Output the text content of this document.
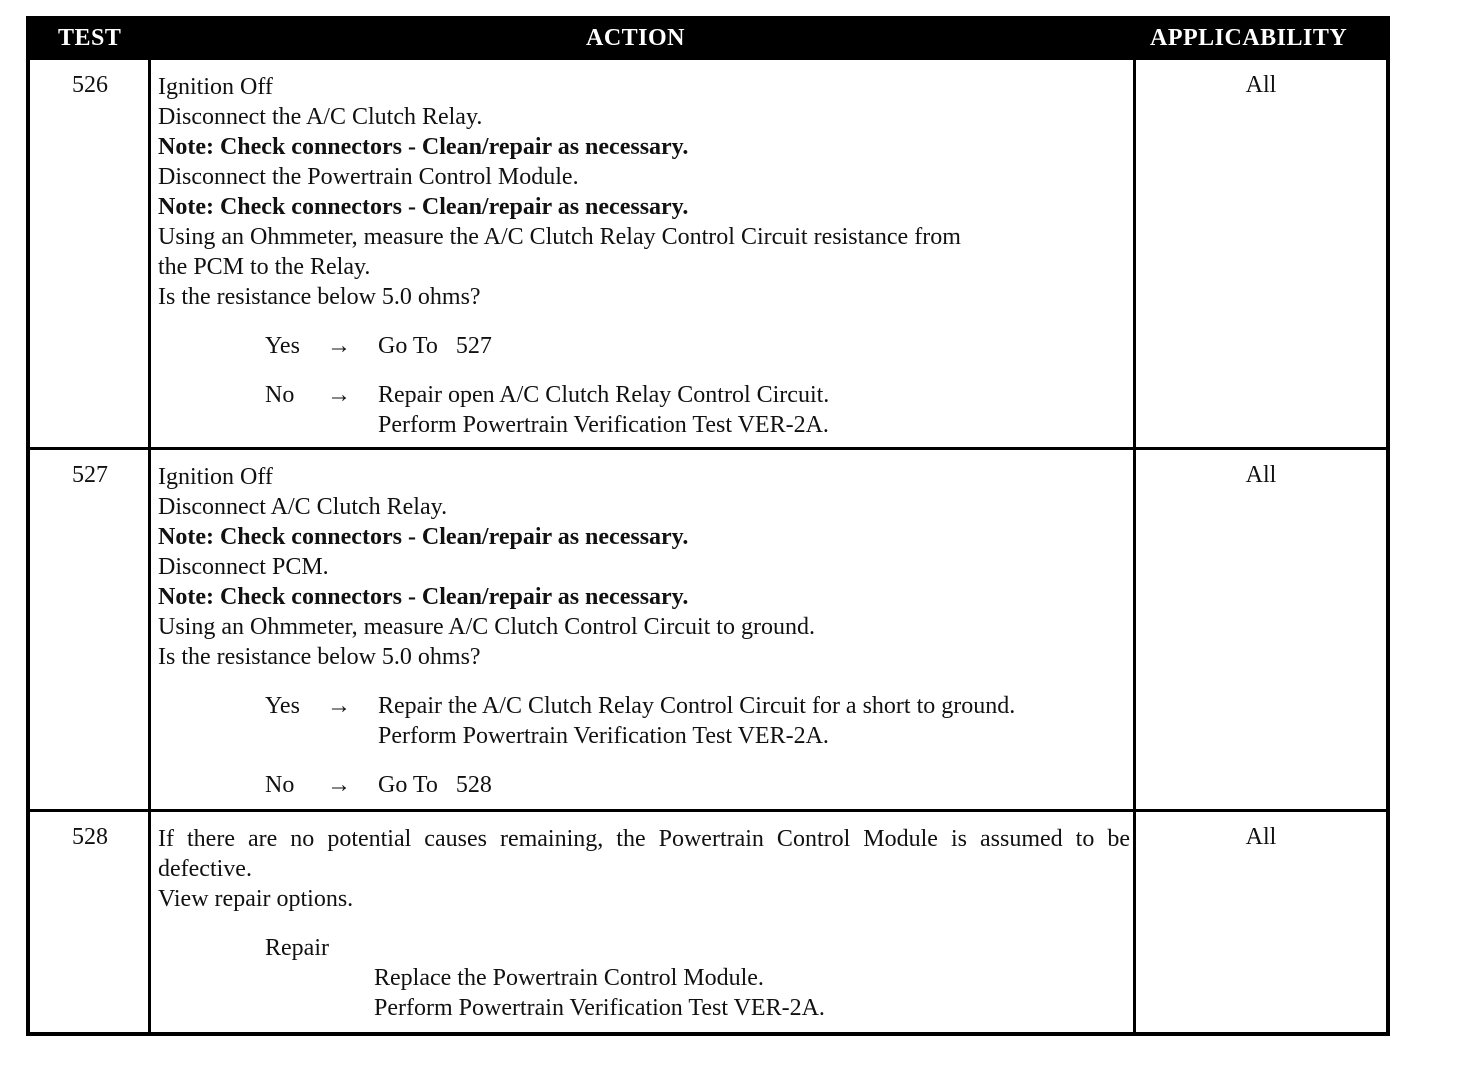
TEST	ACTION	APPLICABILITY
526	Ignition Off
Disconnect the A/C Clutch Relay.
Note: Check connectors - Clean/repair as necessary.
Disconnect the Powertrain Control Module.
Note: Check connectors - Clean/repair as necessary.
Using an Ohmmeter, measure the A/C Clutch Relay Control Circuit resistance from
the PCM to the Relay.
Is the resistance below 5.0 ohms?
Yes → Go To   527
No → Repair open A/C Clutch Relay Control Circuit.
Perform Powertrain Verification Test VER-2A.
All
527	Ignition Off
Disconnect A/C Clutch Relay.
Note: Check connectors - Clean/repair as necessary.
Disconnect PCM.
Note: Check connectors - Clean/repair as necessary.
Using an Ohmmeter, measure A/C Clutch Control Circuit to ground.
Is the resistance below 5.0 ohms?
Yes → Repair the A/C Clutch Relay Control Circuit for a short to ground.
Perform Powertrain Verification Test VER-2A.
No → Go To   528
All
528	If there are no potential causes remaining, the Powertrain Control Module is assumed to be defective.
View repair options.
Repair
Replace the Powertrain Control Module.
Perform Powertrain Verification Test VER-2A.
All
